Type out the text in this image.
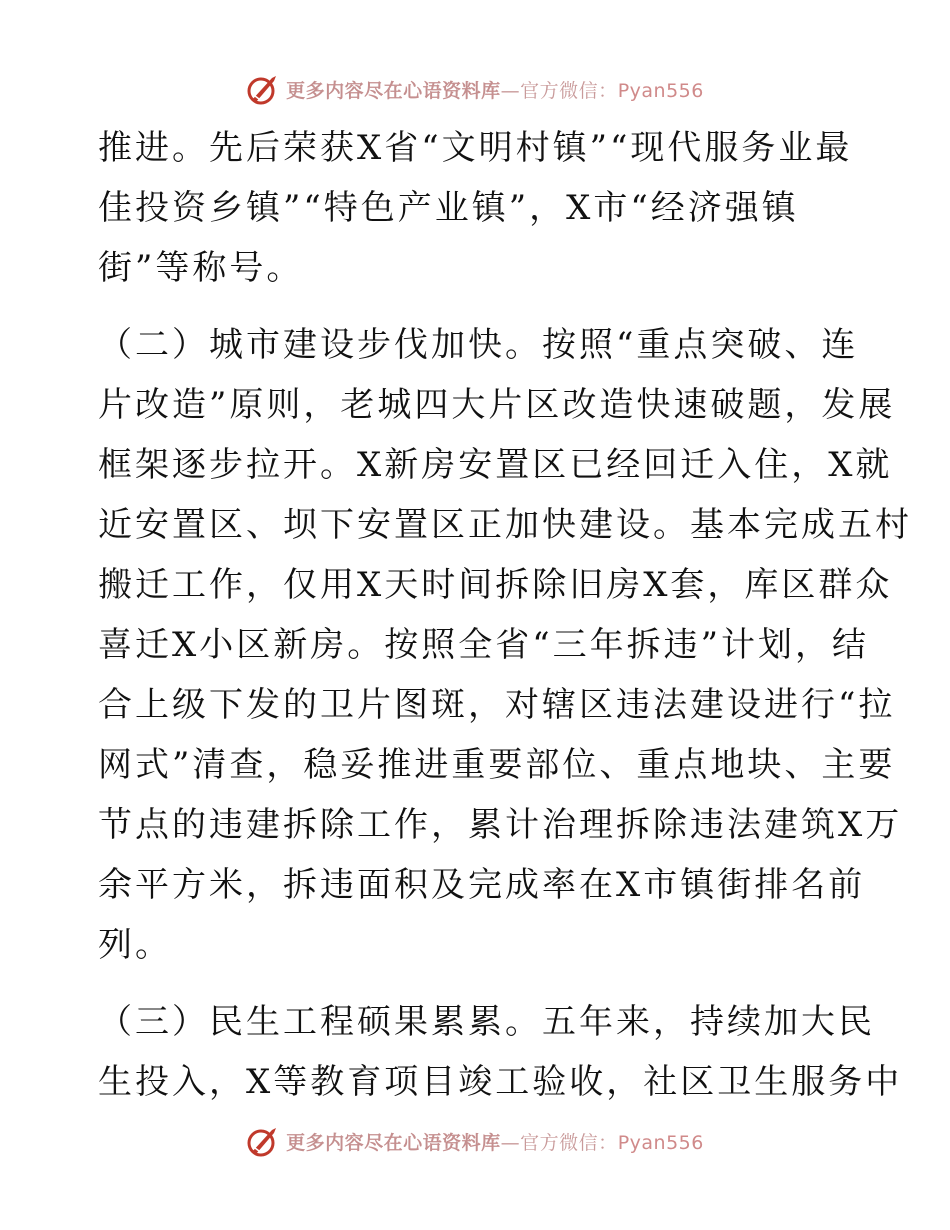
更多内容尽在心语资料库—官方微信：Pyan556
推进。先后荣获X省“文明村镇”“现代服务业最
佳投资乡镇”“特色产业镇”，X市“经济强镇
街”等称号。
（二）城市建设步伐加快。按照“重点突破、连
片改造”原则，老城四大片区改造快速破题，发展
框架逐步拉开。X新房安置区已经回迁入住，X就
近安置区、坝下安置区正加快建设。基本完成五村
搬迁工作，仅用X天时间拆除旧房X套，库区群众
喜迁X小区新房。按照全省“三年拆违”计划，结
合上级下发的卫片图斑，对辖区违法建设进行“拉
网式”清查，稳妥推进重要部位、重点地块、主要
节点的违建拆除工作，累计治理拆除违法建筑X万
余平方米，拆违面积及完成率在X市镇街排名前
列。
（三）民生工程硕果累累。五年来，持续加大民
生投入，X等教育项目竣工验收，社区卫生服务中
更多内容尽在心语资料库—官方微信：Pyan556
